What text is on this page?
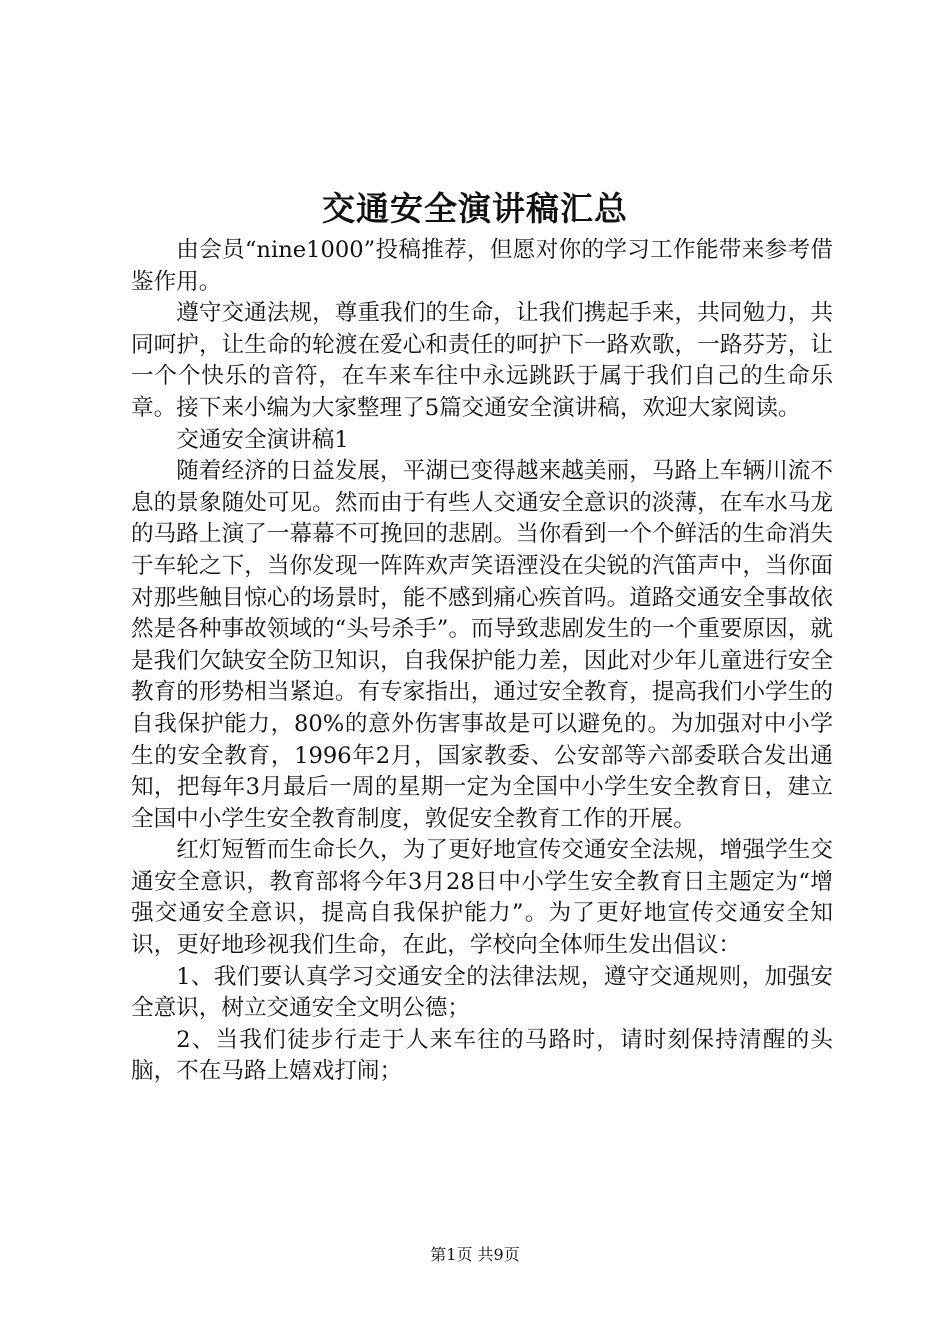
交通安全演讲稿汇总

由会员“nine1000”投稿推荐，但愿对你的学习工作能带来参考借鉴作用。

遵守交通法规，尊重我们的生命，让我们携起手来，共同勉力，共同呵护，让生命的轮渡在爱心和责任的呵护下一路欢歌，一路芬芳，让一个个快乐的音符，在车来车往中永远跳跃于属于我们自己的生命乐章。接下来小编为大家整理了5篇交通安全演讲稿，欢迎大家阅读。

交通安全演讲稿1

随着经济的日益发展，平湖已变得越来越美丽，马路上车辆川流不息的景象随处可见。然而由于有些人交通安全意识的淡薄，在车水马龙的马路上演了一幕幕不可挽回的悲剧。当你看到一个个鲜活的生命消失于车轮之下，当你发现一阵阵欢声笑语湮没在尖锐的汽笛声中，当你面对那些触目惊心的场景时，能不感到痛心疾首吗。道路交通安全事故依然是各种事故领域的“头号杀手”。而导致悲剧发生的一个重要原因，就是我们欠缺安全防卫知识，自我保护能力差，因此对少年儿童进行安全教育的形势相当紧迫。有专家指出，通过安全教育，提高我们小学生的自我保护能力，80%的意外伤害事故是可以避免的。为加强对中小学生的安全教育，1996年2月，国家教委、公安部等六部委联合发出通知，把每年3月最后一周的星期一定为全国中小学生安全教育日，建立全国中小学生安全教育制度，敦促安全教育工作的开展。

红灯短暂而生命长久，为了更好地宣传交通安全法规，增强学生交通安全意识，教育部将今年3月28日中小学生安全教育日主题定为“增强交通安全意识，提高自我保护能力”。为了更好地宣传交通安全知识，更好地珍视我们生命，在此，学校向全体师生发出倡议：

1、我们要认真学习交通安全的法律法规，遵守交通规则，加强安全意识，树立交通安全文明公德；

2、当我们徒步行走于人来车往的马路时，请时刻保持清醒的头脑，不在马路上嬉戏打闹；

第1页 共9页
